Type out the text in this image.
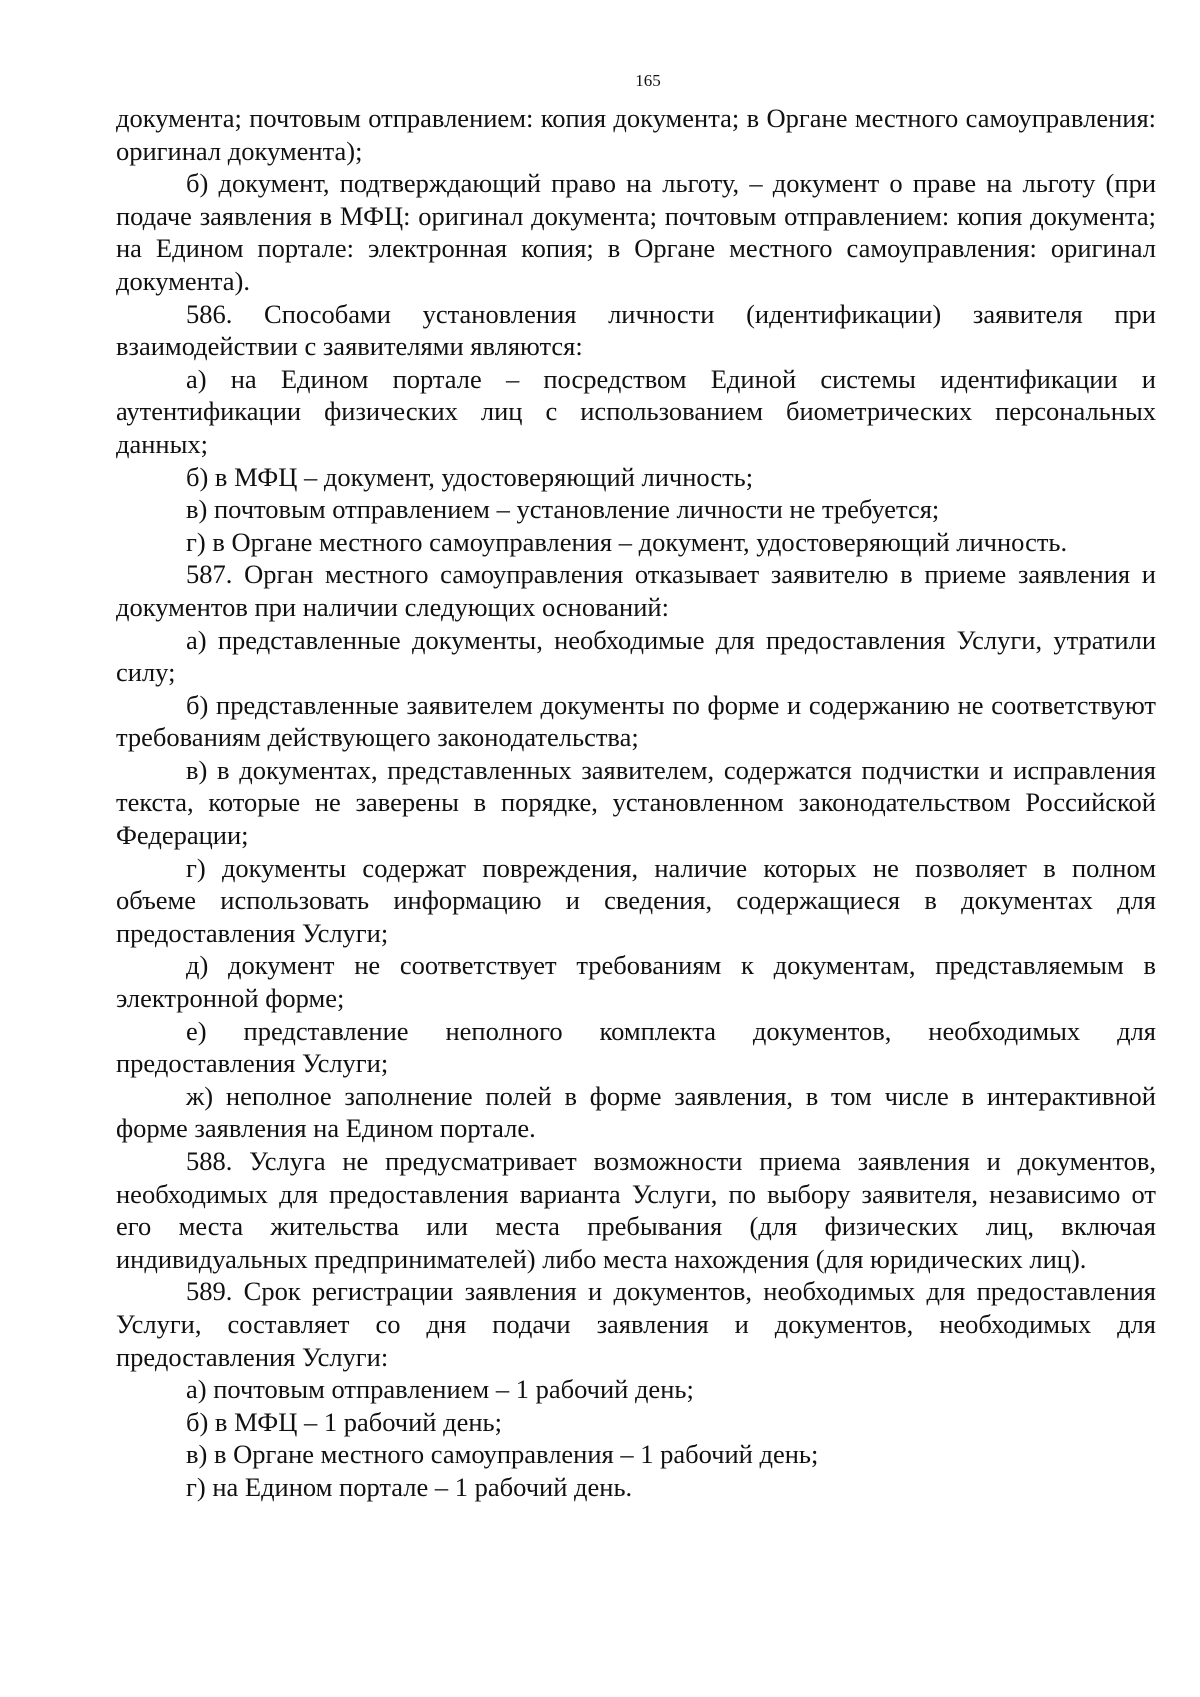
165

документа; почтовым отправлением: копия документа; в Органе местного самоуправления: оригинал документа);

б) документ, подтверждающий право на льготу, – документ о праве на льготу (при подаче заявления в МФЦ: оригинал документа; почтовым отправлением: копия документа; на Едином портале: электронная копия; в Органе местного самоуправления: оригинал документа).

586. Способами установления личности (идентификации) заявителя при взаимодействии с заявителями являются:

а) на Едином портале – посредством Единой системы идентификации и аутентификации физических лиц с использованием биометрических персональных данных;

б) в МФЦ – документ, удостоверяющий личность;

в) почтовым отправлением – установление личности не требуется;

г) в Органе местного самоуправления – документ, удостоверяющий личность.

587. Орган местного самоуправления отказывает заявителю в приеме заявления и документов при наличии следующих оснований:

а) представленные документы, необходимые для предоставления Услуги, утратили силу;

б) представленные заявителем документы по форме и содержанию не соответствуют требованиям действующего законодательства;

в) в документах, представленных заявителем, содержатся подчистки и исправления текста, которые не заверены в порядке, установленном законодательством Российской Федерации;

г) документы содержат повреждения, наличие которых не позволяет в полном объеме использовать информацию и сведения, содержащиеся в документах для предоставления Услуги;

д) документ не соответствует требованиям к документам, представляемым в электронной форме;

е) представление неполного комплекта документов, необходимых для предоставления Услуги;

ж) неполное заполнение полей в форме заявления, в том числе в интерактивной форме заявления на Едином портале.

588. Услуга не предусматривает возможности приема заявления и документов, необходимых для предоставления варианта Услуги, по выбору заявителя, независимо от его места жительства или места пребывания (для физических лиц, включая индивидуальных предпринимателей) либо места нахождения (для юридических лиц).

589. Срок регистрации заявления и документов, необходимых для предоставления Услуги, составляет со дня подачи заявления и документов, необходимых для предоставления Услуги:

а) почтовым отправлением – 1 рабочий день;

б) в МФЦ – 1 рабочий день;

в) в Органе местного самоуправления – 1 рабочий день;

г) на Едином портале – 1 рабочий день.
